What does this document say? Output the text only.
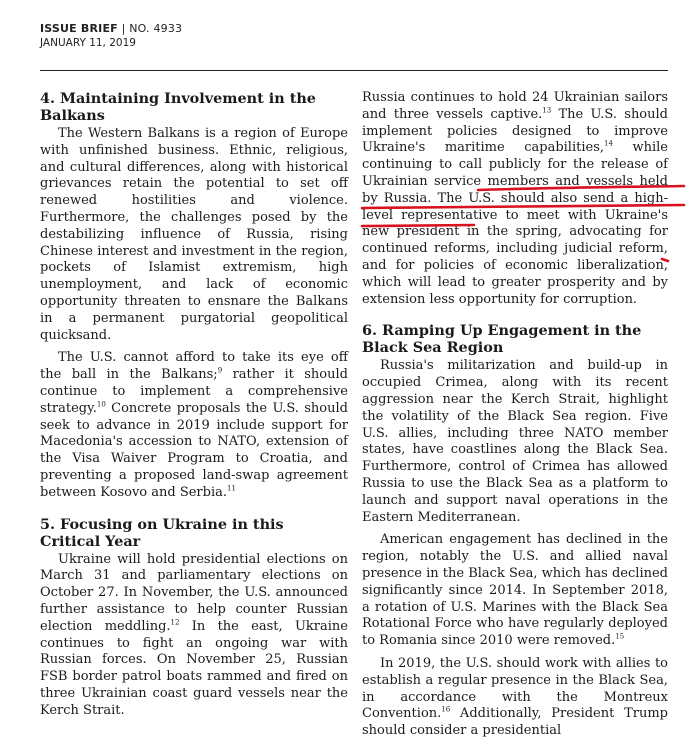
ISSUE BRIEF | NO. 4933
JANUARY 11, 2019
4. Maintaining Involvement in the Balkans

The Western Balkans is a region of Europe with unfinished business. Ethnic, religious, and cultural differences, along with historical grievances retain the potential to set off renewed hostilities and violence. Furthermore, the challenges posed by the destabilizing influence of Russia, rising Chinese interest and investment in the region, pockets of Islamist extremism, high unemployment, and lack of economic opportunity threaten to ensnare the Balkans in a permanent purgatorial geopolitical quicksand.

The U.S. cannot afford to take its eye off the ball in the Balkans;$^9$ rather it should continue to implement a comprehensive strategy.$^{10}$ Concrete proposals the U.S. should seek to advance in 2019 include support for Macedonia's accession to NATO, extension of the Visa Waiver Program to Croatia, and preventing a proposed land-swap agreement between Kosovo and Serbia.$^{11}$

5. Focusing on Ukraine in this Critical Year

Ukraine will hold presidential elections on March 31 and parliamentary elections on October 27. In November, the U.S. announced further assistance to help counter Russian election meddling.$^{12}$ In the east, Ukraine continues to fight an ongoing war with Russian forces. On November 25, Russian FSB border patrol boats rammed and fired on three Ukrainian coast guard vessels near the Kerch Strait.

Russia continues to hold 24 Ukrainian sailors and three vessels captive.$^{13}$ The U.S. should implement policies designed to improve Ukraine's maritime capabilities,$^{14}$ while continuing to call publicly for the release of Ukrainian service members and vessels held by Russia. The U.S. should also send a high-level representative to meet with Ukraine's new president in the spring, advocating for continued reforms, including judicial reform, and for policies of economic liberalization, which will lead to greater prosperity and by extension less opportunity for corruption.

6. Ramping Up Engagement in the Black Sea Region

Russia's militarization and build-up in occupied Crimea, along with its recent aggression near the Kerch Strait, highlight the volatility of the Black Sea region. Five U.S. allies, including three NATO member states, have coastlines along the Black Sea. Furthermore, control of Crimea has allowed Russia to use the Black Sea as a platform to launch and support naval operations in the Eastern Mediterranean.

American engagement has declined in the region, notably the U.S. and allied naval presence in the Black Sea, which has declined significantly since 2014. In September 2018, a rotation of U.S. Marines with the Black Sea Rotational Force who have regularly deployed to Romania since 2010 were removed.$^{15}$

In 2019, the U.S. should work with allies to establish a regular presence in the Black Sea, in accordance with the Montreux Convention.$^{16}$ Additionally, President Trump should consider a presidential
